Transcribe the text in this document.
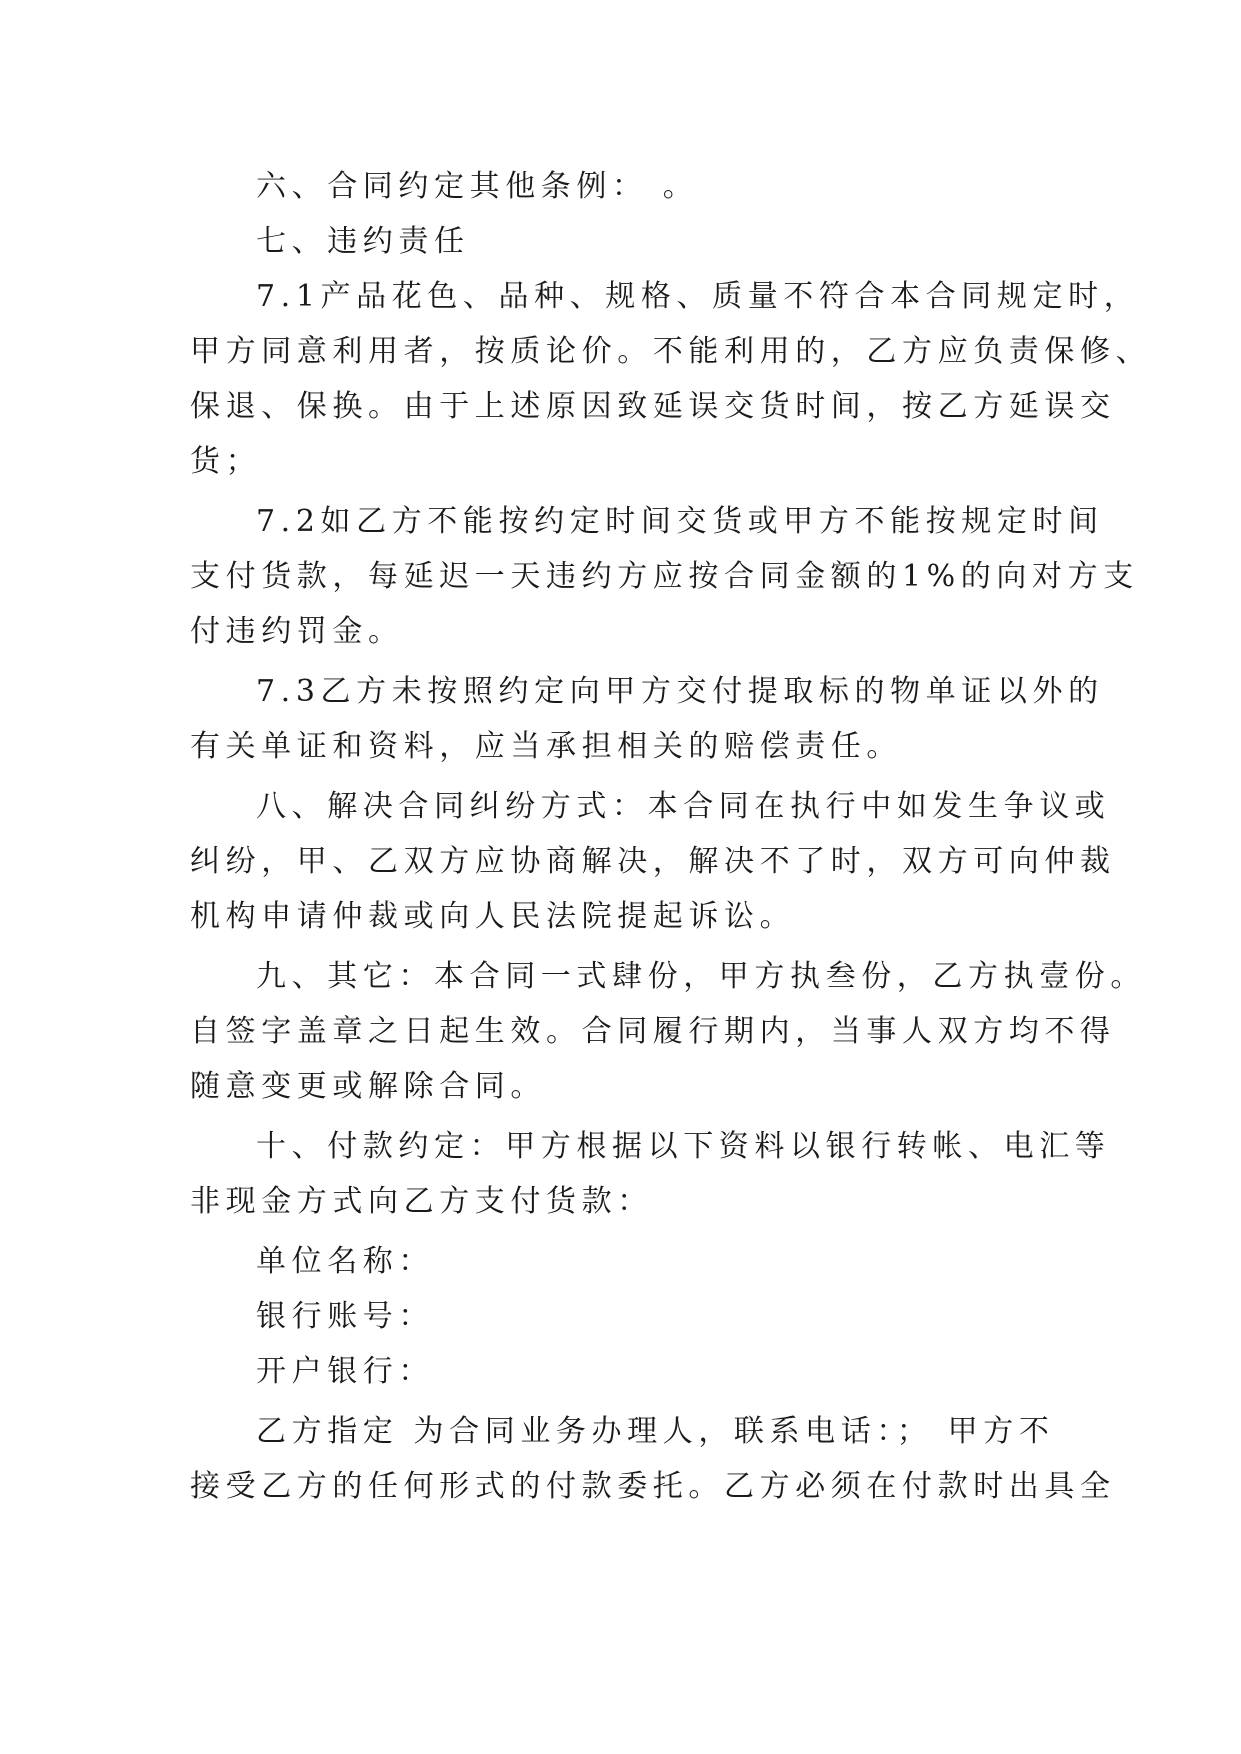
六、合同约定其他条例： 。
七、违约责任
7.1产品花色、品种、规格、质量不符合本合同规定时，
甲方同意利用者，按质论价。不能利用的，乙方应负责保修、
保退、保换。由于上述原因致延误交货时间，按乙方延误交
货；
7.2如乙方不能按约定时间交货或甲方不能按规定时间
支付货款，每延迟一天违约方应按合同金额的1%的向对方支
付违约罚金。
7.3乙方未按照约定向甲方交付提取标的物单证以外的
有关单证和资料，应当承担相关的赔偿责任。
八、解决合同纠纷方式：本合同在执行中如发生争议或
纠纷，甲、乙双方应协商解决，解决不了时，双方可向仲裁
机构申请仲裁或向人民法院提起诉讼。
九、其它：本合同一式肆份，甲方执叁份，乙方执壹份。
自签字盖章之日起生效。合同履行期内，当事人双方均不得
随意变更或解除合同。
十、付款约定：甲方根据以下资料以银行转帐、电汇等
非现金方式向乙方支付货款：
单位名称：
银行账号：
开户银行：
乙方指定 为合同业务办理人，联系电话：； 甲方不
接受乙方的任何形式的付款委托。乙方必须在付款时出具全
